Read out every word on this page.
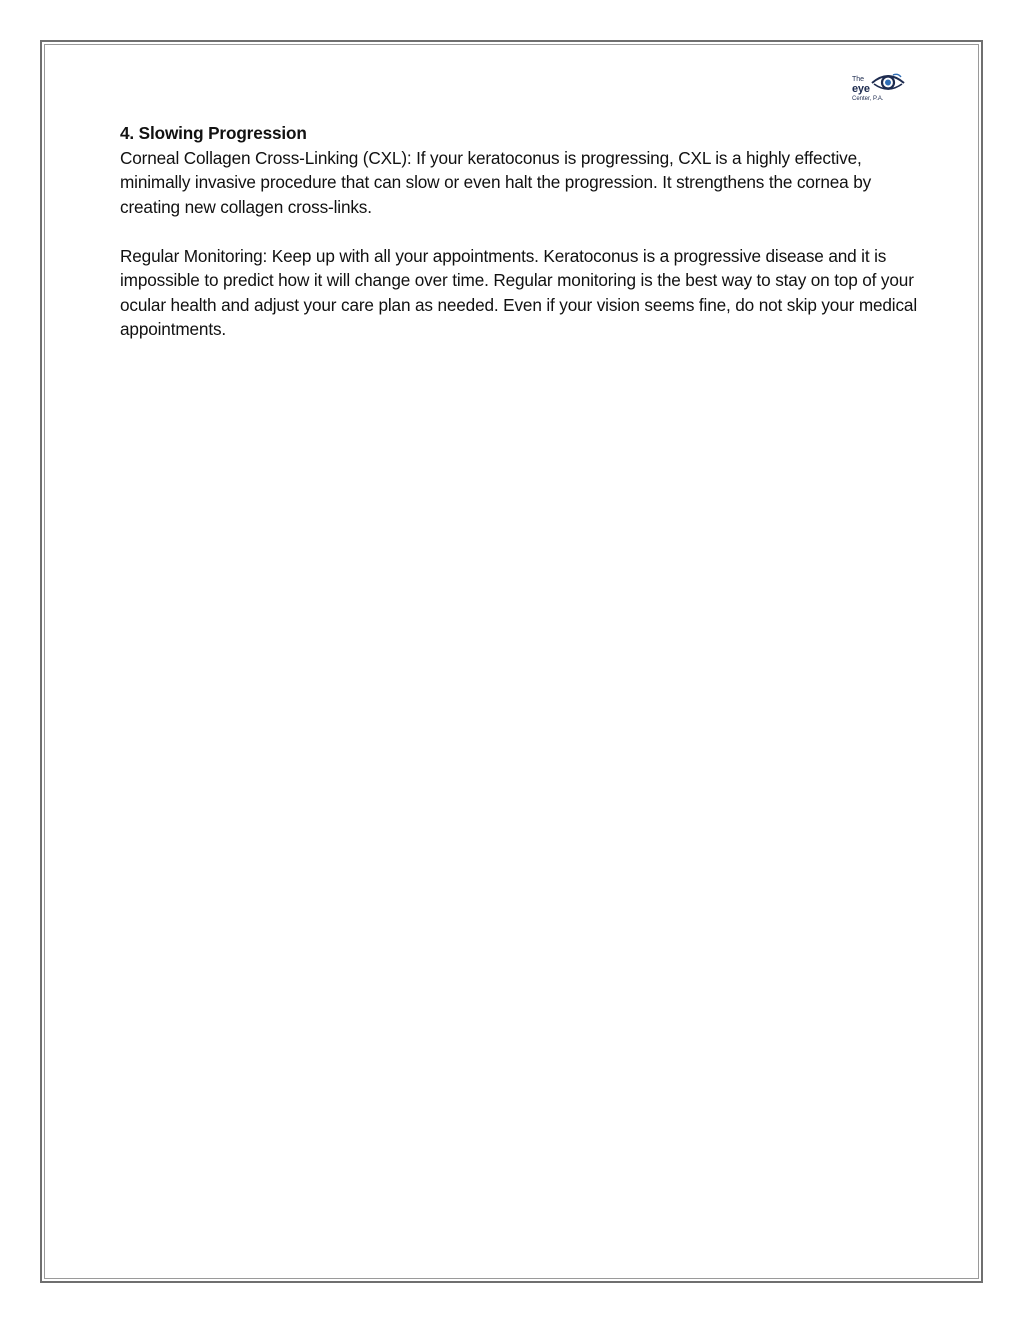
The
eye
Center, P.A.

4. Slowing Progression

Corneal Collagen Cross-Linking (CXL): If your keratoconus is progressing, CXL is a highly effective, minimally invasive procedure that can slow or even halt the progression. It strengthens the cornea by creating new collagen cross-links.

Regular Monitoring: Keep up with all your appointments. Keratoconus is a progressive disease and it is impossible to predict how it will change over time. Regular monitoring is the best way to stay on top of your ocular health and adjust your care plan as needed. Even if your vision seems fine, do not skip your medical appointments.
